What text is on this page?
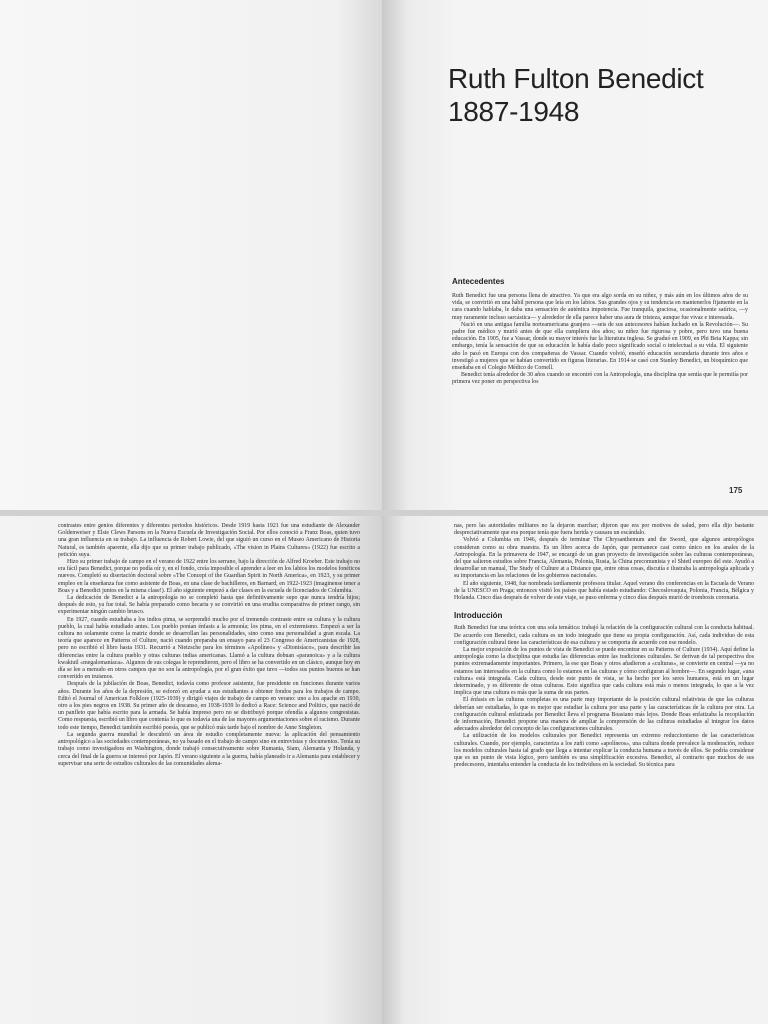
Ruth Fulton Benedict
1887-1948
Antecedentes

Ruth Benedict fue una persona llena de atractivo. Ya que era algo sorda en su niñez, y más aún en los últimos años de su vida, se convirtió en una hábil persona que leía en los labios. Sus grandes ojos y su tendencia en mantenerlos fijamente en la cara cuando hablaba, le daba una sensación de auténtica impotencia. Fue tranquila, graciosa, ocasionalmente satírica, —y muy raramente incluso sarcástica— y alrededor de ella parece haber una aura de tristeza, aunque fue vivaz e interesada.

Nació en una antigua familia norteamericana granjera —seis de sus antecesores habían luchado en la Revolución—. Su padre fue médico y murió antes de que ella cumpliera dos años; su niñez fue rigurosa y pobre, pero tuvo una buena educación. En 1905, fue a Vassar, donde su mayor interés fue la literatura inglesa. Se graduó en 1909, en Phi Beta Kappa; sin embargo, tenía la sensación de que su educación le había dado poco significado social o intelectual a su vida. El siguiente año lo pasó en Europa con dos compañeras de Vassar. Cuando volvió, enseñó educación secundaria durante tres años e investigó a mujeres que se habían convertido en figuras literarias. En 1914 se casó con Stanley Benedict, un bioquímico que enseñaba en el Colegio Médico de Cornell.

Benedict tenía alrededor de 30 años cuando se encontró con la Antropología, una disciplina que sentía que le permitía por primera vez poner en perspectiva los

175

contrastes entre genios diferentes y diferentes periodos históricos. Desde 1919 hasta 1921 fue una estudiante de Alexander Goldenweiser y Elsie Clews Parsons en la Nueva Escuela de Investigación Social. Por ellos conoció a Franz Boas, quien tuvo una gran influencia en su trabajo. La influencia de Robert Lowie, del que siguió un curso en el Museo Americano de Historia Natural, es también aparente, ella dijo que su primer trabajo publicado, «The vision in Plains Cultures» (1922) fue escrito a petición suya.

Hizo su primer trabajo de campo en el verano de 1922 entre los serrano, bajo la dirección de Alfred Kroeber. Este trabajo no era fácil para Benedict, porque no podía oír y, en el fondo, creía imposible el aprender a leer en los labios los modelos fonéticos nuevos. Completó su disertación doctoral sobre «The Concept of the Guardian Spirit in North America», en 1923, y su primer empleo en la enseñanza fue como asistente de Boas, en una clase de bachilleres, en Barnard, en 1922-1923 (imaginense tener a Boas y a Benedict juntos en la misma clase!). El año siguiente empezó a dar clases en la escuela de licenciados de Columbia.

La dedicación de Benedict a la antropología no se completó hasta que definitivamente supo que nunca tendría hijos; después de esto, ya fue total. Se había preparado como becaria y se convirtió en una erudita comparativa de primer rango, sin experimentar ningún cambio brusco.

En 1927, cuando estudiaba a los indios pima, se sorprendió mucho por el tremendo contraste entre su cultura y la cultura pueblo, la cual había estudiado antes. Los pueblo ponían énfasis a la armonía; los pima, en el extremismo. Empezó a ser la cultura no solamente como la matriz donde se desarrollan las personalidades, sino como una personalidad a gran escala. La teoría que aparece en Patterns of Culture, nació cuando preparaba un ensayo para el 23 Congreso de Americanistas de 1928, pero no escribió el libro hasta 1931. Recurrió a Nietzsche para los términos «Apolíneo» y «Dionisíaco», para describir las diferencias entre la cultura pueblo y otras culturas indias americanas. Llamó a la cultura dobuan «paranoica» y a la cultura kwakiutl «megalomaníaca». Algunos de sus colegas le reprendieron, pero el libro se ha convertido en un clásico, aunque hoy en día se lee a menudo en otros campos que no son la antropología, por el gran éxito que tuvo —todos sus puntos buenos se han convertido en truismos.

Después de la jubilación de Boas, Benedict, todavía como profesor asistente, fue presidente en funciones durante varios años. Durante los años de la depresión, se esforzó en ayudar a sus estudiantes a obtener fondos para los trabajos de campo. Editó el Journal of American Folklore (1925-1939) y dirigió viajes de trabajo de campo en verano: uno a los apache en 1930, otro a los pies negros en 1938. Su primer año de descanso, en 1938-1939 lo dedicó a Race: Science and Politics, que nació de un panfleto que había escrito para la armada. Se había impreso pero no se distribuyó porque ofendía a algunos congresistas. Como respuesta, escribió un libro que contenía lo que es todavía una de las mayores argumentaciones sobre el racismo. Durante todo este tiempo, Benedict también escribió poesía, que se publicó más tarde bajo el nombre de Anne Singleton.

La segunda guerra mundial le descubrió un área de estudio completamente nueva: la aplicación del pensamiento antropológico a las sociedades contemporáneas, no ya basado en el trabajo de campo sino en entrevistas y documentos. Tenía su trabajo como investigadora en Washington, donde trabajó consecutivamente sobre Rumania, Siam, Alemania y Holanda, y cerca del final de la guerra se interesó por Japón. El verano siguiente a la guerra, había planeado ir a Alemania para establecer y supervisar una serie de estudios culturales de las comunidades alema-

nas, pero las autoridades militares no la dejaron marchar; dijeron que era por motivos de salud, pero ella dijo bastante despreciativamente que era porque tenía que fuera herida y causara un escándalo.

Volvió a Columbia en 1946, después de terminar The Chrysanthemum and the Sword, que algunos antropólogos consideran como su obra maestra. Es un libro acerca de Japón, que permanece casi como único en los anales de la Antropología. En la primavera de 1947, se encargó de un gran proyecto de investigación sobre las culturas contemporáneas, del que salieron estudios sobre Francia, Alemania, Polonia, Rusia, la China precomunista y el Shtetl europeo del este. Ayudó a desarrollar un manual, The Study of Culture at a Distance que, entre otras cosas, discutía e ilustraba la antropología aplicada y su importancia en las relaciones de los gobiernos nacionales.

El año siguiente, 1948, fue nombrada tardíamente profesora titular. Aquel verano dio conferencias en la Escuela de Verano de la UNESCO en Praga; entonces visitó los países que había estado estudiando: Checoslovaquia, Polonia, Francia, Bélgica y Holanda. Cinco días después de volver de este viaje, se puso enferma y cinco días después murió de trombosis coronaria.

Introducción

Ruth Benedict fue una teórica con una sola temática: trabajó la relación de la configuración cultural con la conducta habitual. De acuerdo con Benedict, cada cultura es un todo integrado que tiene su propia configuración. Así, cada individuo de esta configuración cultural tiene las características de esa cultura y se comporta de acuerdo con ese modelo.

La mejor exposición de los puntos de vista de Benedict se puede encontrar en su Patterns of Culture (1934). Aquí define la antropología como la disciplina que estudia las diferencias entre las tradiciones culturales. Se derivan de tal perspectiva dos puntos extremadamente importantes. Primero, la ese que Boas y otros añadieron a «culturas», se convierte en central —ya no estamos tan interesados en la cultura como lo estamos en las culturas y cómo configuran al hombre—. En segundo lugar, «una cultura» está integrada. Cada cultura, desde este punto de vista, se ha hecho por los seres humanos, está en un lugar determinado, y es diferente de otras culturas. Esto significa que cada cultura está más o menos integrada, lo que a la vez implica que una cultura es más que la suma de sus partes.

El énfasis en las culturas completas es una parte muy importante de la posición cultural relativista de que las culturas deberían ser estudiadas, lo que es mejor que estudiar la cultura por una parte y las características de la cultura por otra. La configuración cultural enfatizada por Benedict lleva el programa Boasiano más lejos. Donde Boas enfatizaba la recopilación de información, Benedict propone una manera de ampliar la comprensión de las culturas estudiadas al integrar los datos adecuados alrededor del concepto de las configuraciones culturales.

La utilización de los modelos culturales por Benedict representa un extremo reduccionismo de las características culturales. Cuando, por ejemplo, caracteriza a los zuñi como «apolíneos», una cultura donde prevalece la moderación, reduce los modelos culturales hasta tal grado que llega a intentar explicar la conducta humana a través de ellos. Se podría considerar que es un punto de vista lógico, pero también es una simplificación excesiva. Benedict, al contrario que muchos de sus predecesores, intentaba entender la conducta de los individuos en la sociedad. Su técnica para
